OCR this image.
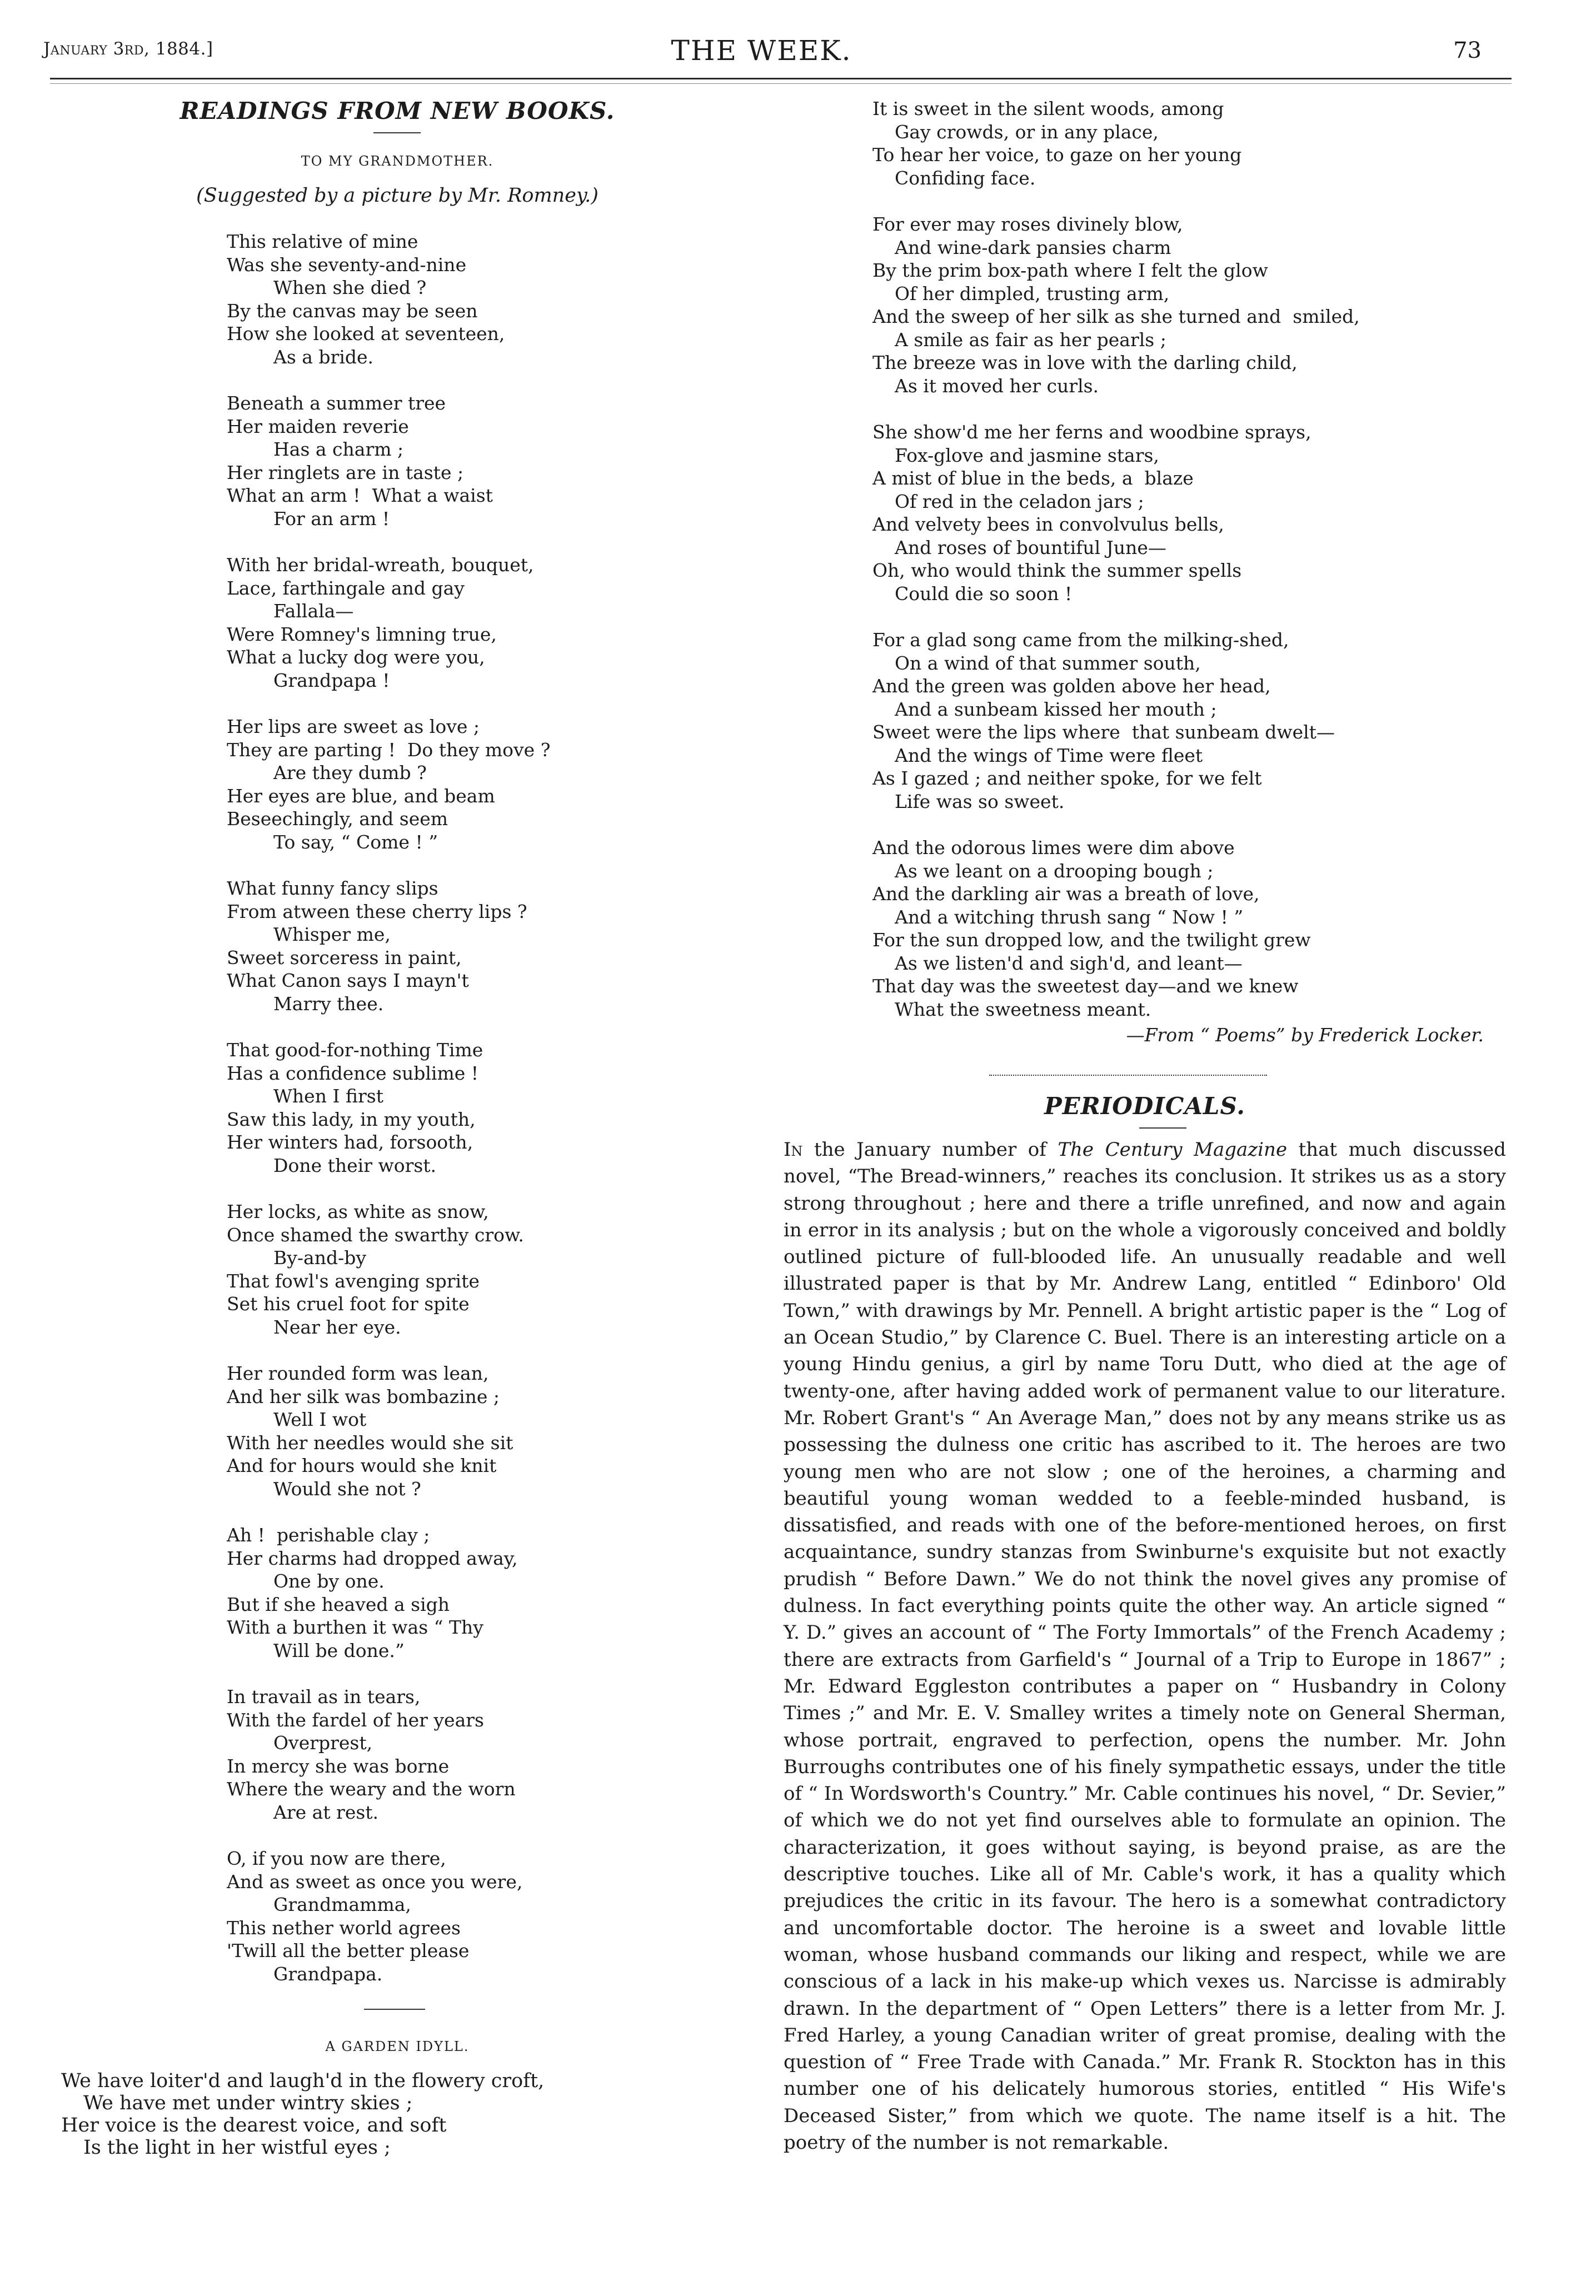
January 3rd, 1884.]	THE WEEK.	73
READINGS FROM NEW BOOKS.
TO MY GRANDMOTHER.
(Suggested by a picture by Mr. Romney.)
This relative of mine
Was she seventy-and-nine
When she died ?
By the canvas may be seen
How she looked at seventeen,
As a bride.
Beneath a summer tree
Her maiden reverie
Has a charm ;
Her ringlets are in taste ;
What an arm !  What a waist
For an arm !
With her bridal-wreath, bouquet,
Lace, farthingale and gay
Fallala—
Were Romney's limning true,
What a lucky dog were you,
Grandpapa !
Her lips are sweet as love ;
They are parting !  Do they move ?
Are they dumb ?
Her eyes are blue, and beam
Beseechingly, and seem
To say, “ Come ! ”
What funny fancy slips
From atween these cherry lips ?
Whisper me,
Sweet sorceress in paint,
What Canon says I mayn't
Marry thee.
That good-for-nothing Time
Has a confidence sublime !
When I first
Saw this lady, in my youth,
Her winters had, forsooth,
Done their worst.
Her locks, as white as snow,
Once shamed the swarthy crow.
By-and-by
That fowl's avenging sprite
Set his cruel foot for spite
Near her eye.
Her rounded form was lean,
And her silk was bombazine ;
Well I wot
With her needles would she sit
And for hours would she knit
Would she not ?
Ah !  perishable clay ;
Her charms had dropped away,
One by one.
But if she heaved a sigh
With a burthen it was “ Thy
Will be done.”
In travail as in tears,
With the fardel of her years
Overprest,
In mercy she was borne
Where the weary and the worn
Are at rest.
O, if you now are there,
And as sweet as once you were,
Grandmamma,
This nether world agrees
'Twill all the better please
Grandpapa.
A GARDEN IDYLL.
We have loiter'd and laugh'd in the flowery croft,
We have met under wintry skies ;
Her voice is the dearest voice, and soft
Is the light in her wistful eyes ;
It is sweet in the silent woods, among
Gay crowds, or in any place,
To hear her voice, to gaze on her young
Confiding face.
For ever may roses divinely blow,
And wine-dark pansies charm
By the prim box-path where I felt the glow
Of her dimpled, trusting arm,
And the sweep of her silk as she turned and  smiled,
A smile as fair as her pearls ;
The breeze was in love with the darling child,
As it moved her curls.
She show'd me her ferns and woodbine sprays,
Fox-glove and jasmine stars,
A mist of blue in the beds, a  blaze
Of red in the celadon jars ;
And velvety bees in convolvulus bells,
And roses of bountiful June—
Oh, who would think the summer spells
Could die so soon !
For a glad song came from the milking-shed,
On a wind of that summer south,
And the green was golden above her head,
And a sunbeam kissed her mouth ;
Sweet were the lips where  that sunbeam dwelt—
And the wings of Time were fleet
As I gazed ; and neither spoke, for we felt
Life was so sweet.
And the odorous limes were dim above
As we leant on a drooping bough ;
And the darkling air was a breath of love,
And a witching thrush sang “ Now ! ”
For the sun dropped low, and the twilight grew
As we listen'd and sigh'd, and leant—
That day was the sweetest day—and we knew
What the sweetness meant.
—From “ Poems” by Frederick Locker.
PERIODICALS.

In the January number of The Century Magazine that much discussed novel, “The Bread-winners,” reaches its conclusion. It strikes us as a story strong throughout ; here and there a trifle unrefined, and now and again in error in its analysis ; but on the whole a vigorously conceived and boldly outlined picture of full-blooded life. An unusually readable and well illustrated paper is that by Mr. Andrew Lang, entitled “ Edinboro' Old Town,” with drawings by Mr. Pennell. A bright artistic paper is the “ Log of an Ocean Studio,” by Clarence C. Buel. There is an interesting article on a young Hindu genius, a girl by name Toru Dutt, who died at the age of twenty-one, after having added work of permanent value to our literature. Mr. Robert Grant's “ An Average Man,” does not by any means strike us as possessing the dulness one critic has ascribed to it. The heroes are two young men who are not slow ; one of the heroines, a charming and beautiful young woman wedded to a feeble-minded husband, is dissatisfied, and reads with one of the before-mentioned heroes, on first acquaintance, sundry stanzas from Swinburne's exquisite but not exactly prudish “ Before Dawn.” We do not think the novel gives any promise of dulness. In fact everything points quite the other way. An article signed “ Y. D.” gives an account of “ The Forty Immortals” of the French Academy ; there are extracts from Garfield's “ Journal of a Trip to Europe in 1867” ; Mr. Edward Eggleston contributes a paper on “ Husbandry in Colony Times ;” and Mr. E. V. Smalley writes a timely note on General Sherman, whose portrait, engraved to perfection, opens the number. Mr. John Burroughs contributes one of his finely sympathetic essays, under the title of “ In Wordsworth's Country.” Mr. Cable continues his novel, “ Dr. Sevier,” of which we do not yet find ourselves able to formulate an opinion. The characterization, it goes without saying, is beyond praise, as are the descriptive touches. Like all of Mr. Cable's work, it has a quality which prejudices the critic in its favour. The hero is a somewhat contradictory and uncomfortable doctor. The heroine is a sweet and lovable little woman, whose husband commands our liking and respect, while we are conscious of a lack in his make-up which vexes us. Narcisse is admirably drawn. In the department of “ Open Letters” there is a letter from Mr. J. Fred Harley, a young Canadian writer of great promise, dealing with the question of “ Free Trade with Canada.” Mr. Frank R. Stockton has in this number one of his delicately humorous stories, entitled “ His Wife's Deceased Sister,” from which we quote. The name itself is a hit. The poetry of the number is not remarkable.
